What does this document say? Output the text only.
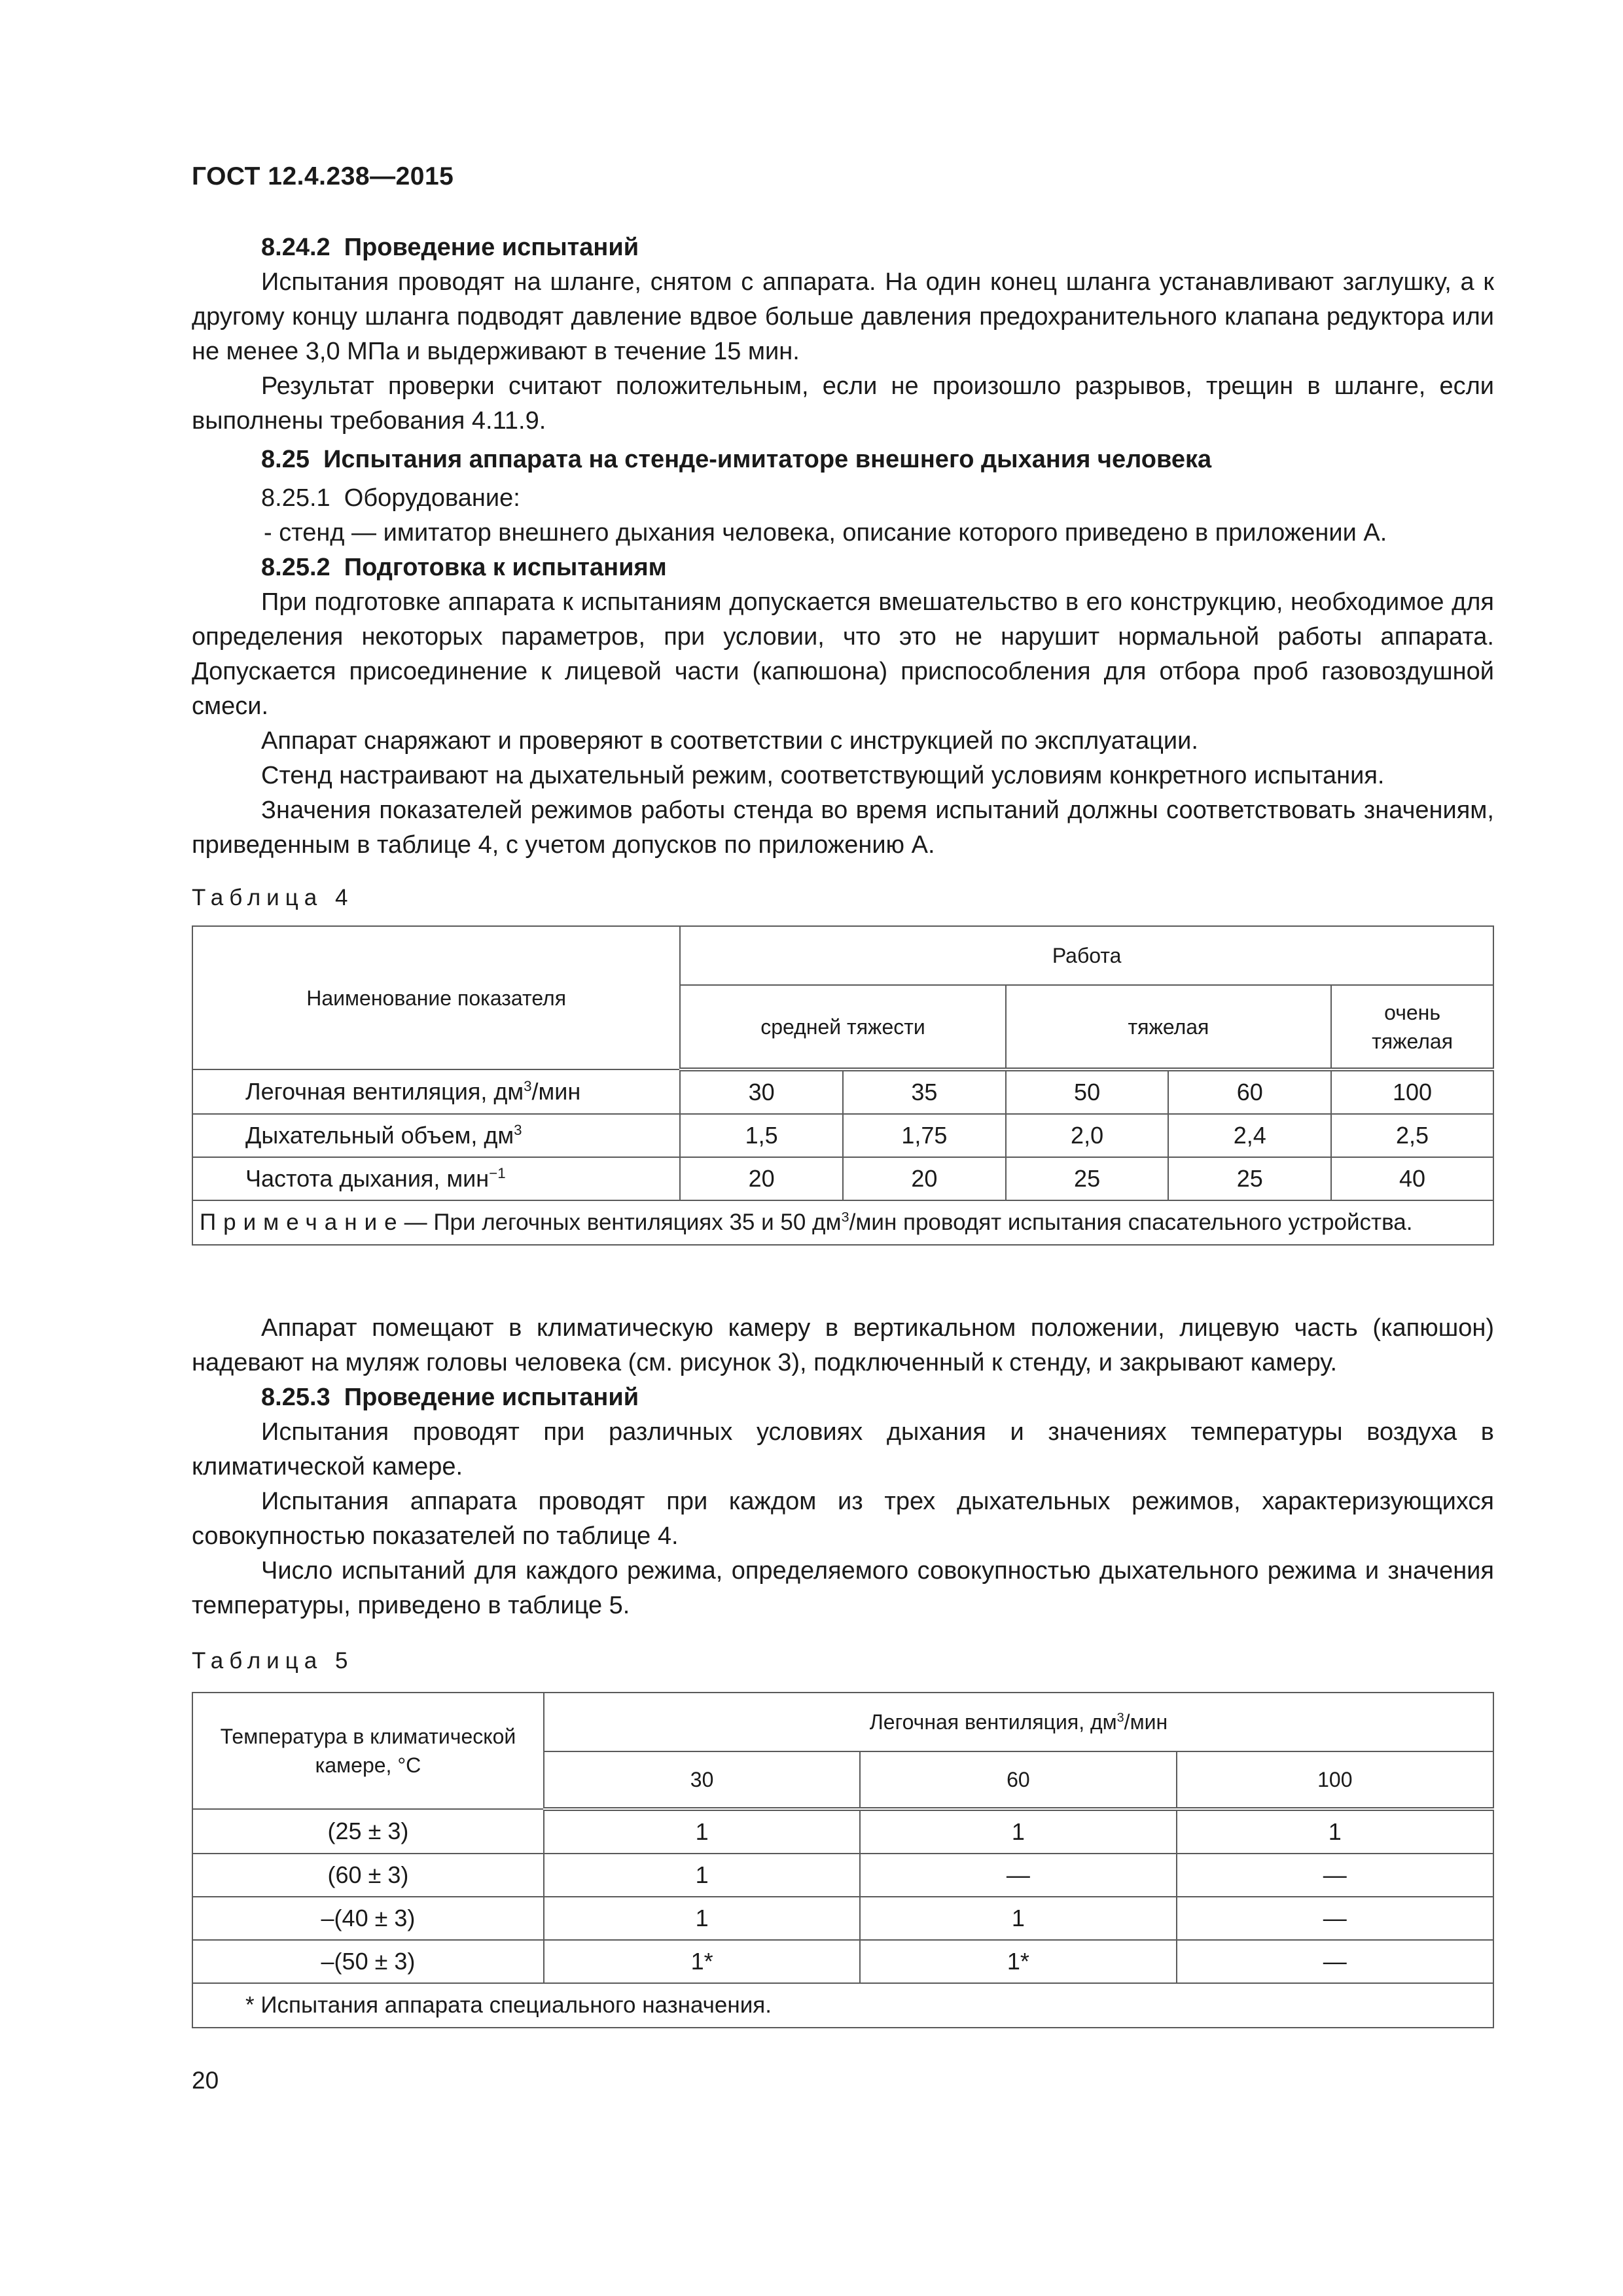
ГОСТ 12.4.238—2015

8.24.2 Проведение испытаний

Испытания проводят на шланге, снятом с аппарата. На один конец шланга устанавливают заглушку, а к другому концу шланга подводят давление вдвое больше давления предохранительного клапана редуктора или не менее 3,0 МПа и выдерживают в течение 15 мин.

Результат проверки считают положительным, если не произошло разрывов, трещин в шланге, если выполнены требования 4.11.9.

8.25 Испытания аппарата на стенде-имитаторе внешнего дыхания человека

8.25.1 Оборудование:

- стенд — имитатор внешнего дыхания человека, описание которого приведено в приложении А.

8.25.2 Подготовка к испытаниям

При подготовке аппарата к испытаниям допускается вмешательство в его конструкцию, необходимое для определения некоторых параметров, при условии, что это не нарушит нормальной работы аппарата. Допускается присоединение к лицевой части (капюшона) приспособления для отбора проб газовоздушной смеси.

Аппарат снаряжают и проверяют в соответствии с инструкцией по эксплуатации.

Стенд настраивают на дыхательный режим, соответствующий условиям конкретного испытания.

Значения показателей режимов работы стенда во время испытаний должны соответствовать значениям, приведенным в таблице 4, с учетом допусков по приложению А.

Таблица 4
Наименование показателя	Работа				
	средней тяжести		тяжелая		очень тяжелая

Легочная вентиляция, $дм^3$/мин	30	35	50	60	100
Дыхательный объем, $дм^3$	1,5	1,75	2,0	2,4	2,5
Частота дыхания, мин$^{-1}$	20	20	25	25	40
Примечание— При легочных вентиляциях 35 и 50 $дм^3$/мин проводят испытания спасательного устройства.					

Аппарат помещают в климатическую камеру в вертикальном положении, лицевую часть (капюшон) надевают на муляж головы человека (см. рисунок 3), подключенный к стенду, и закрывают камеру.

8.25.3 Проведение испытаний

Испытания проводят при различных условиях дыхания и значениях температуры воздуха в климатической камере.

Испытания аппарата проводят при каждом из трех дыхательных режимов, характеризующихся совокупностью показателей по таблице 4.

Число испытаний для каждого режима, определяемого совокупностью дыхательного режима и значения температуры, приведено в таблице 5.

Таблица 5
Температура в климатической камере, °С	Легочная вентиляция, $дм^3$/мин		
	30	60	100
(25 ± 3)	1	1	1
(60 ± 3)	1	—	—
–(40 ± 3)	1	1	—
–(50 ± 3)	1*	1*	—
* Испытания аппарата специального назначения.			
20
